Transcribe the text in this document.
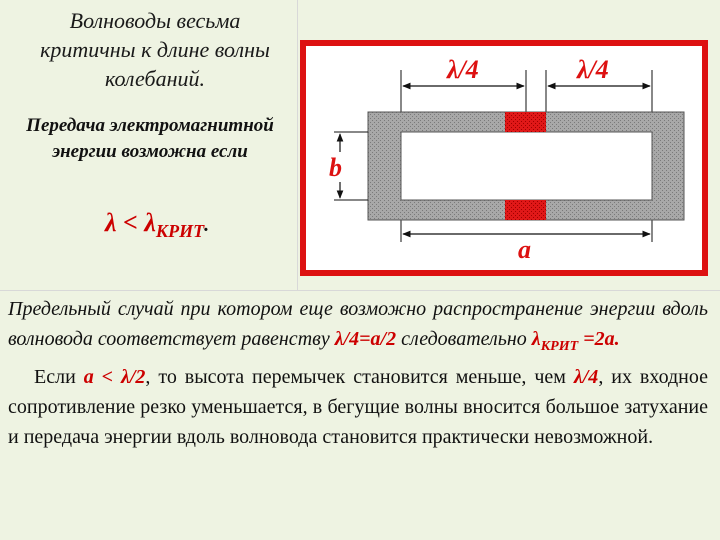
Волноводы весьма критичны к длине волны колебаний.
Передача электромагнитной энергии возможна если
$\lambda < \lambda_{КРИТ}$.
λ/4	λ/4
b
a

Предельный случай при котором еще возможно распространение энергии вдоль волновода соответствует равенству λ/4=a/2 следовательно $\lambda_{КРИТ} =2a$.

Если a < λ/2, то высота перемычек становится меньше, чем λ/4, их входное сопротивление резко уменьшается, в бегущие волны вносится большое затухание и передача энергии вдоль волновода становится практически невозможной.
